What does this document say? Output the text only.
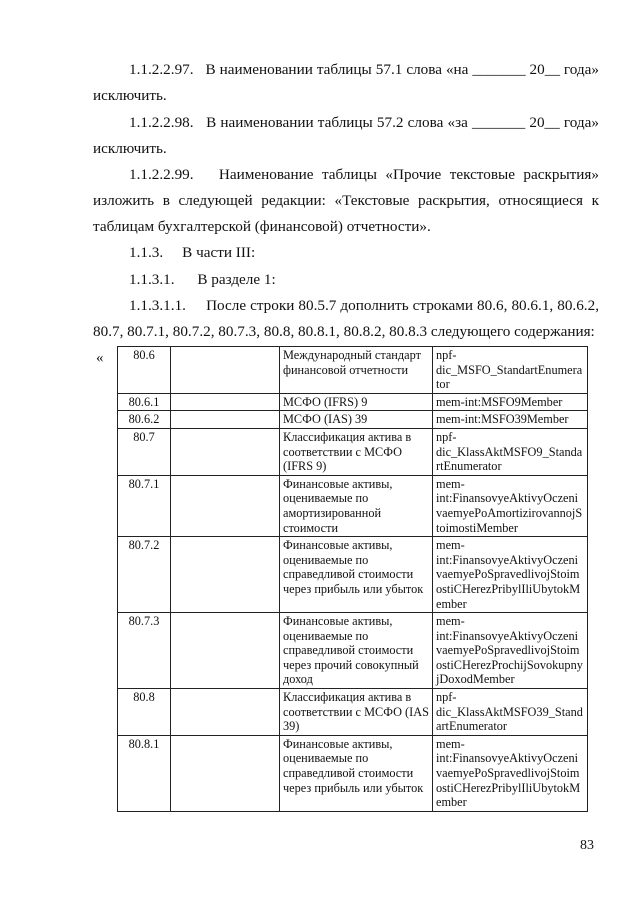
1.1.2.2.97. В наименовании таблицы 57.1 слова «на _______ 20__ года» исключить.

1.1.2.2.98. В наименовании таблицы 57.2 слова «за _______ 20__ года» исключить.

1.1.2.2.99. Наименование таблицы «Прочие текстовые раскрытия» изложить в следующей редакции: «Текстовые раскрытия, относящиеся к таблицам бухгалтерской (финансовой) отчетности».

1.1.3. В части III:

1.1.3.1. В разделе 1:

1.1.3.1.1. После строки 80.5.7 дополнить строками 80.6, 80.6.1, 80.6.2, 80.7, 80.7.1, 80.7.2, 80.7.3, 80.8, 80.8.1, 80.8.2, 80.8.3 следующего содержания:

« 80.6		Международный стандарт финансовой отчетности	npf-dic_MSFO_StandartEnumerator
80.6.1		МСФО (IFRS) 9	mem-int:MSFO9Member
80.6.2		МСФО (IAS) 39	mem-int:MSFO39Member
80.7		Классификация актива в соответствии с МСФО (IFRS 9)	npf-dic_KlassAktMSFO9_StandartEnumerator
80.7.1		Финансовые активы, оцениваемые по амортизированной стоимости	mem-int:FinansovyeAktivyOczenivaemyePoAmortizirovannojStoimostiMember
80.7.2		Финансовые активы, оцениваемые по справедливой стоимости через прибыль или убыток	mem-int:FinansovyeAktivyOczenivaemyePoSpravedlivojStoimostiCHerezPribylIliUbytokMember
80.7.3		Финансовые активы, оцениваемые по справедливой стоимости через прочий совокупный доход	mem-int:FinansovyeAktivyOczenivaemyePoSpravedlivojStoimostiCHerezProchijSovokupnyjDoxodMember
80.8		Классификация актива в соответствии с МСФО (IAS 39)	npf-dic_KlassAktMSFO39_StandartEnumerator
80.8.1		Финансовые активы, оцениваемые по справедливой стоимости через прибыль или убыток	mem-int:FinansovyeAktivyOczenivaemyePoSpravedlivojStoimostiCHerezPribylIliUbytokMember
83
